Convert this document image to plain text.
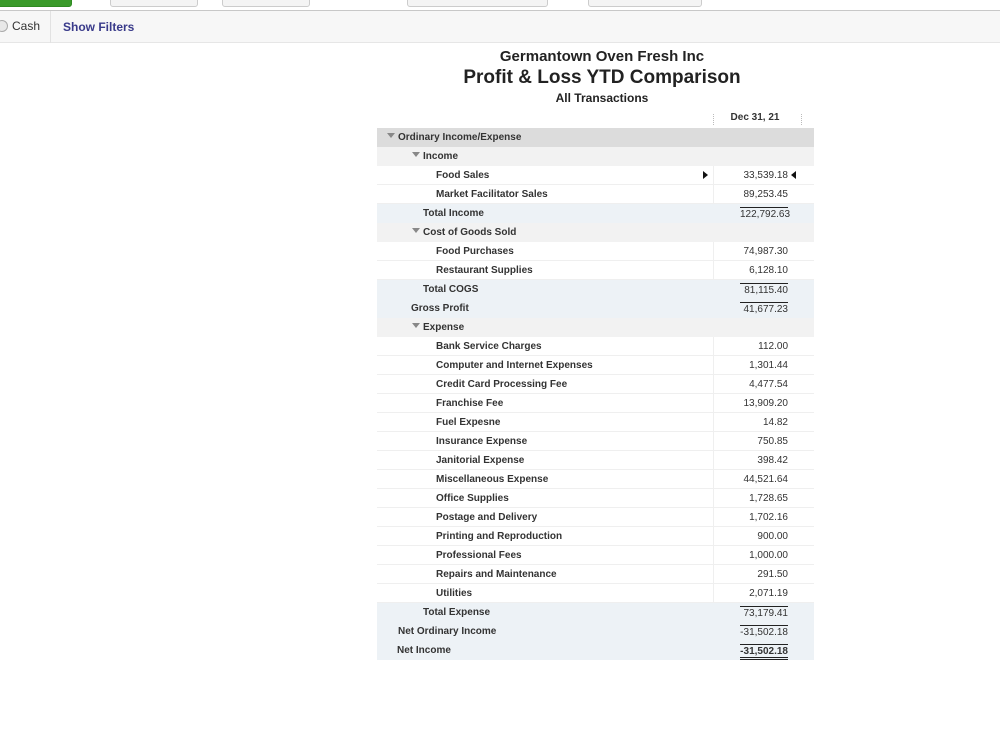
Cash Show Filters
Germantown Oven Fresh Inc
Profit & Loss YTD Comparison
All Transactions
Dec 31, 21
Ordinary Income/Expense
Income
Food Sales	33,539.18
Market Facilitator Sales	89,253.45
Total Income	122,792.63
Cost of Goods Sold
Food Purchases	74,987.30
Restaurant Supplies	6,128.10
Total COGS	81,115.40
Gross Profit	41,677.23
Expense
Bank Service Charges	112.00
Computer and Internet Expenses	1,301.44
Credit Card Processing Fee	4,477.54
Franchise Fee	13,909.20
Fuel Expesne	14.82
Insurance Expense	750.85
Janitorial Expense	398.42
Miscellaneous Expense	44,521.64
Office Supplies	1,728.65
Postage and Delivery	1,702.16
Printing and Reproduction	900.00
Professional Fees	1,000.00
Repairs and Maintenance	291.50
Utilities	2,071.19
Total Expense	73,179.41
Net Ordinary Income	-31,502.18
Net Income	-31,502.18
